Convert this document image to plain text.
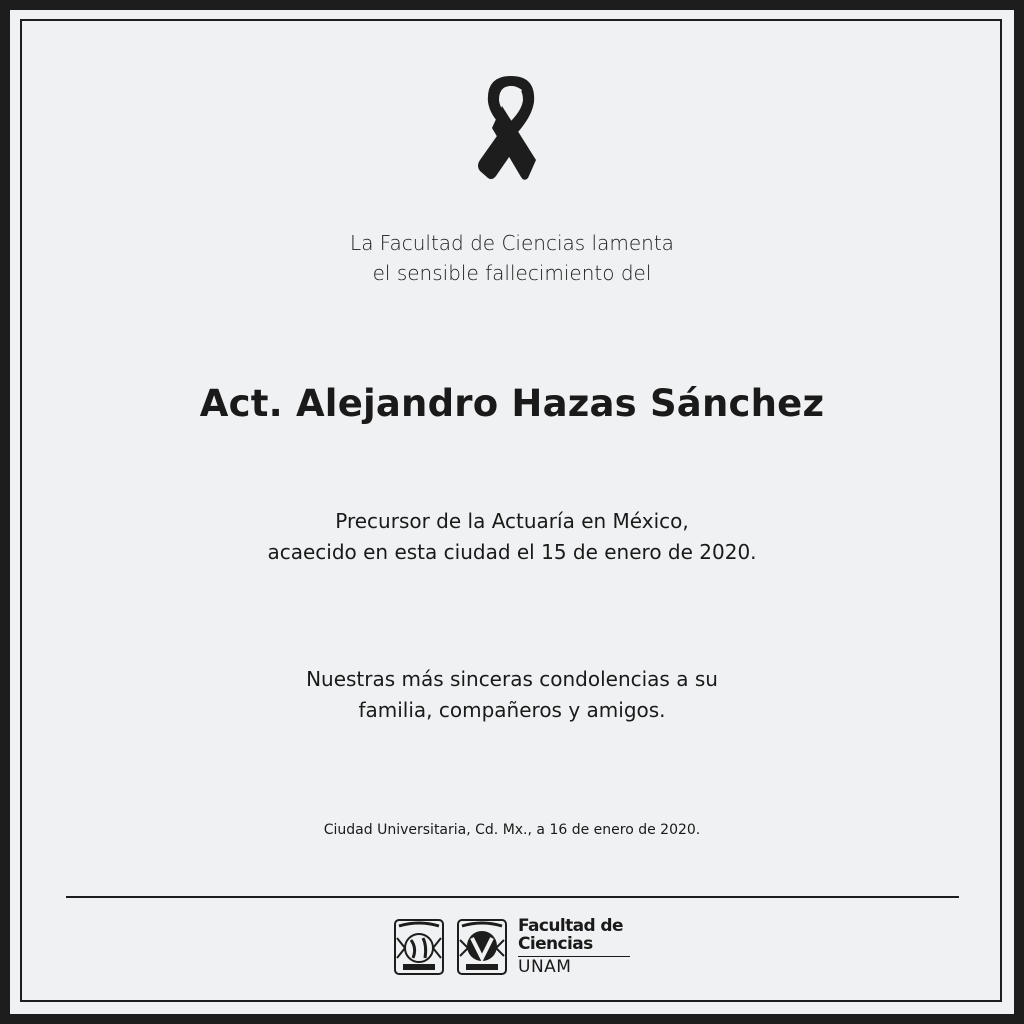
La Facultad de Ciencias lamenta
el sensible fallecimiento del
Act. Alejandro Hazas Sánchez
Precursor de la Actuaría en México,
acaecido en esta ciudad el 15 de enero de 2020.
Nuestras más sinceras condolencias a su
familia, compañeros y amigos.
Ciudad Universitaria, Cd. Mx., a 16 de enero de 2020.
Facultad de
Ciencias
UNAM
